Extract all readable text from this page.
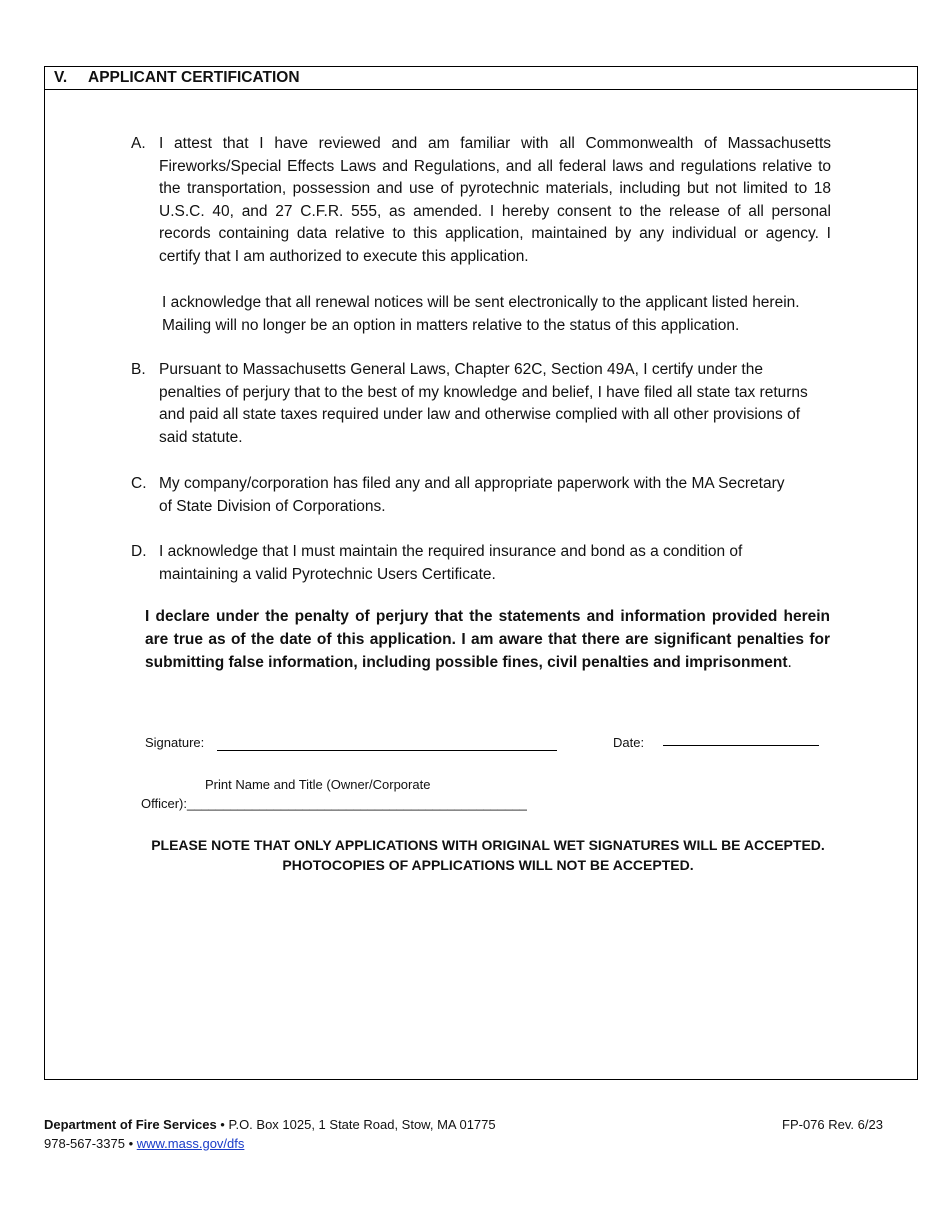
V. APPLICANT CERTIFICATION
A. I attest that I have reviewed and am familiar with all Commonwealth of Massachusetts Fireworks/Special Effects Laws and Regulations, and all federal laws and regulations relative to the transportation, possession and use of pyrotechnic materials, including but not limited to 18 U.S.C. 40, and 27 C.F.R. 555, as amended. I hereby consent to the release of all personal records containing data relative to this application, maintained by any individual or agency. I certify that I am authorized to execute this application.
I acknowledge that all renewal notices will be sent electronically to the applicant listed herein.
Mailing will no longer be an option in matters relative to the status of this application.
B. Pursuant to Massachusetts General Laws, Chapter 62C, Section 49A, I certify under the penalties of perjury that to the best of my knowledge and belief, I have filed all state tax returns and paid all state taxes required under law and otherwise complied with all other provisions of said statute.
C. My company/corporation has filed any and all appropriate paperwork with the MA Secretary of State Division of Corporations.
D. I acknowledge that I must maintain the required insurance and bond as a condition of maintaining a valid Pyrotechnic Users Certificate.
I declare under the penalty of perjury that the statements and information provided herein are true as of the date of this application. I am aware that there are significant penalties for submitting false information, including possible fines, civil penalties and imprisonment.
Signature:	Date:
Print Name and Title (Owner/Corporate
Officer):_______________________________________________
PLEASE NOTE THAT ONLY APPLICATIONS WITH ORIGINAL WET SIGNATURES WILL BE ACCEPTED.
PHOTOCOPIES OF APPLICATIONS WILL NOT BE ACCEPTED.
Department of Fire Services • P.O. Box 1025, 1 State Road, Stow, MA 01775
978-567-3375 • www.mass.gov/dfs
FP-076 Rev. 6/23
